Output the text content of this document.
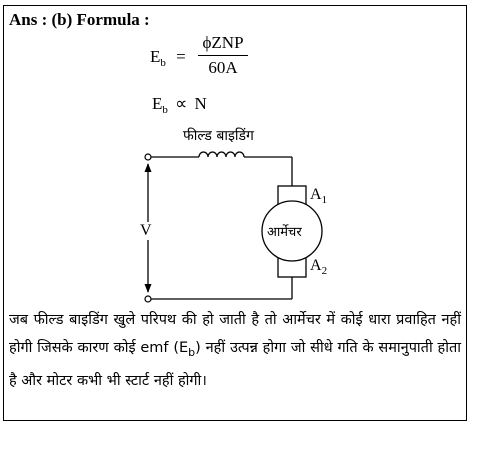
Ans : (b) Formula :
$E_b$ =
ϕZNP
60A
$E_b \propto N$
फील्ड बाइडिंग
V	आर्मेचर
$A_1$
$A_2$
जब फील्ड बाइडिंग खुले परिपथ की हो जाती है तो आर्मेचर में कोई धारा प्रवाहित नहीं होगी जिसके कारण कोई emf $(E_b)$ नहीं उत्पन्न होगा जो सीधे गति के समानुपाती होता है और मोटर कभी भी स्टार्ट नहीं होगी।
